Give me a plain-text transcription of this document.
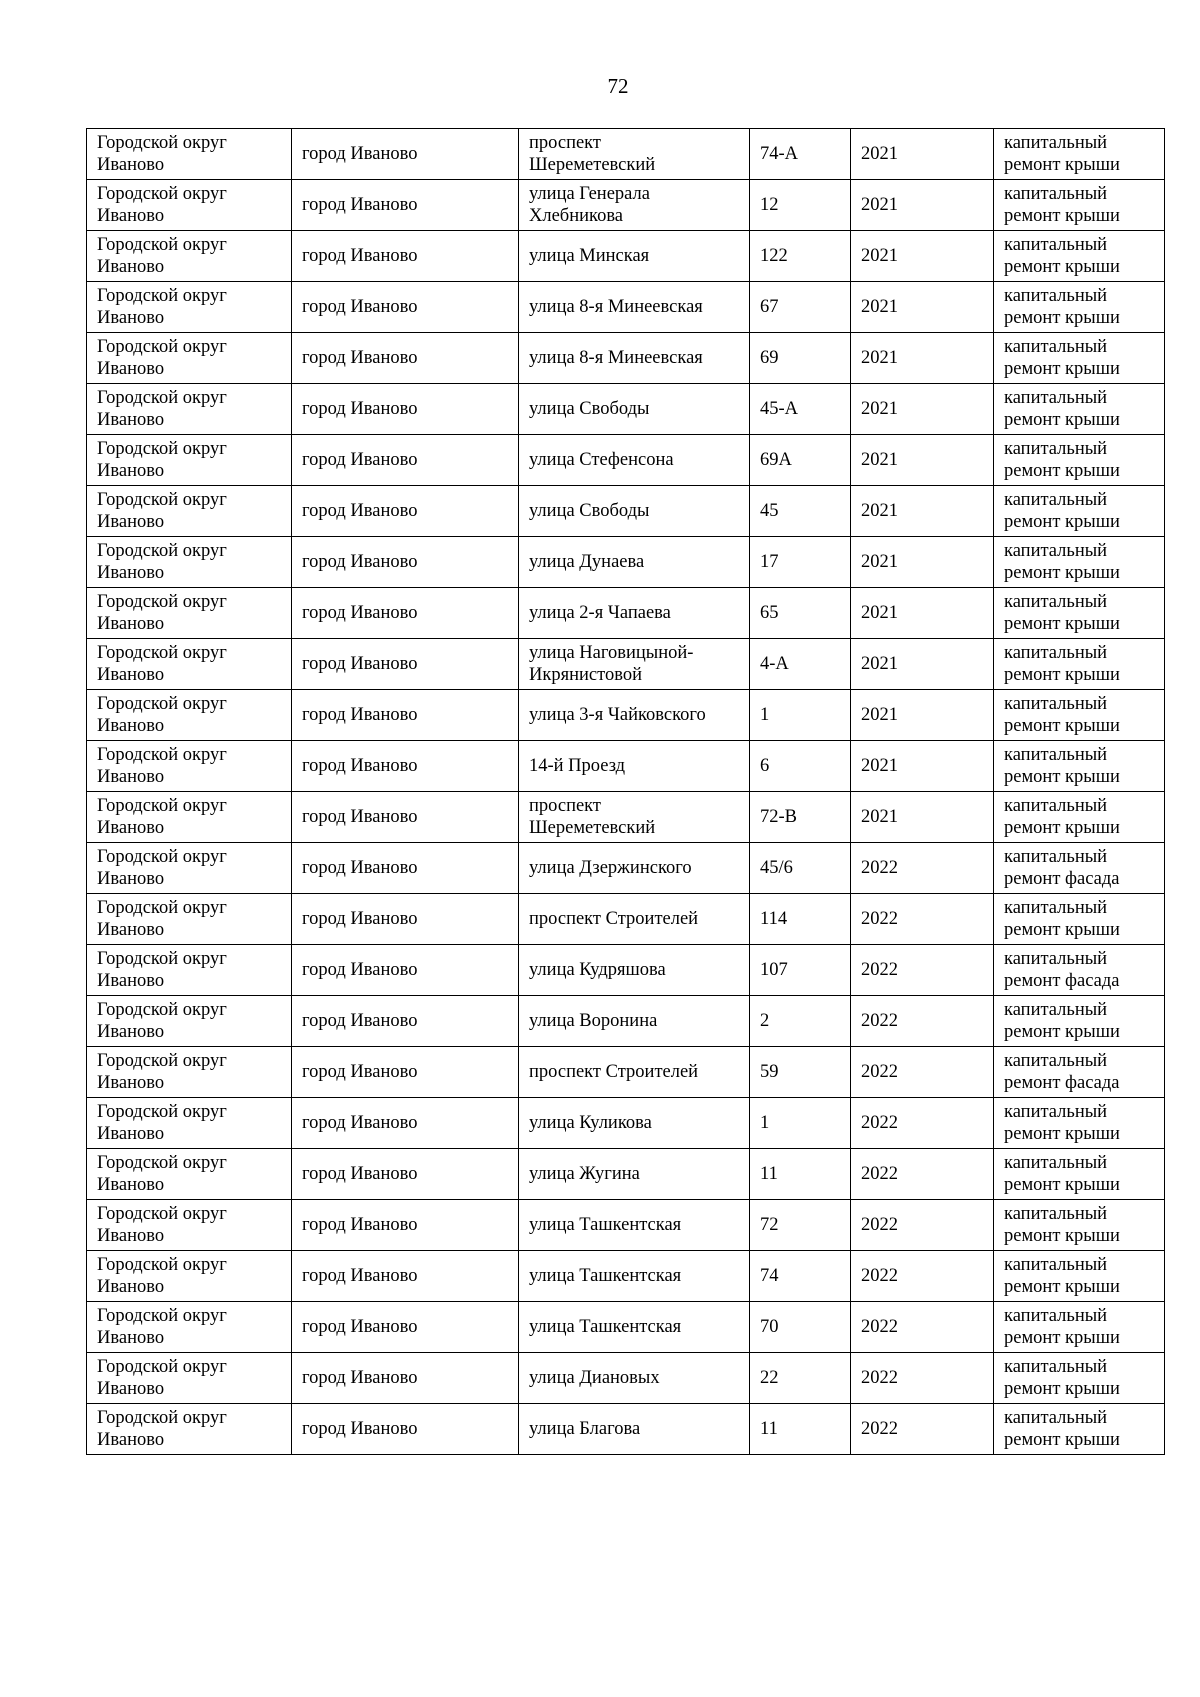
72
Городской округ
Иваново	город Иваново	проспект
Шереметевский	74-А	2021	капитальный
ремонт крыши

Городской округ
Иваново	город Иваново	улица Генерала
Хлебникова	12	2021	капитальный
ремонт крыши

Городской округ
Иваново	город Иваново	улица Минская	122	2021	капитальный
ремонт крыши

Городской округ
Иваново	город Иваново	улица 8-я Минеевская	67	2021	капитальный
ремонт крыши

Городской округ
Иваново	город Иваново	улица 8-я Минеевская	69	2021	капитальный
ремонт крыши

Городской округ
Иваново	город Иваново	улица Свободы	45-А	2021	капитальный
ремонт крыши

Городской округ
Иваново	город Иваново	улица Стефенсона	69А	2021	капитальный
ремонт крыши

Городской округ
Иваново	город Иваново	улица Свободы	45	2021	капитальный
ремонт крыши

Городской округ
Иваново	город Иваново	улица Дунаева	17	2021	капитальный
ремонт крыши

Городской округ
Иваново	город Иваново	улица 2-я Чапаева	65	2021	капитальный
ремонт крыши

Городской округ
Иваново	город Иваново	улица Наговицыной-
Икрянистовой	4-А	2021	капитальный
ремонт крыши

Городской округ
Иваново	город Иваново	улица 3-я Чайковского	1	2021	капитальный
ремонт крыши

Городской округ
Иваново	город Иваново	14-й Проезд	6	2021	капитальный
ремонт крыши

Городской округ
Иваново	город Иваново	проспект
Шереметевский	72-В	2021	капитальный
ремонт крыши

Городской округ
Иваново	город Иваново	улица Дзержинского	45/6	2022	капитальный
ремонт фасада

Городской округ
Иваново	город Иваново	проспект Строителей	114	2022	капитальный
ремонт крыши

Городской округ
Иваново	город Иваново	улица Кудряшова	107	2022	капитальный
ремонт фасада

Городской округ
Иваново	город Иваново	улица Воронина	2	2022	капитальный
ремонт крыши

Городской округ
Иваново	город Иваново	проспект Строителей	59	2022	капитальный
ремонт фасада

Городской округ
Иваново	город Иваново	улица Куликова	1	2022	капитальный
ремонт крыши

Городской округ
Иваново	город Иваново	улица Жугина	11	2022	капитальный
ремонт крыши

Городской округ
Иваново	город Иваново	улица Ташкентская	72	2022	капитальный
ремонт крыши

Городской округ
Иваново	город Иваново	улица Ташкентская	74	2022	капитальный
ремонт крыши

Городской округ
Иваново	город Иваново	улица Ташкентская	70	2022	капитальный
ремонт крыши

Городской округ
Иваново	город Иваново	улица Диановых	22	2022	капитальный
ремонт крыши

Городской округ
Иваново	город Иваново	улица Благова	11	2022	капитальный
ремонт крыши
